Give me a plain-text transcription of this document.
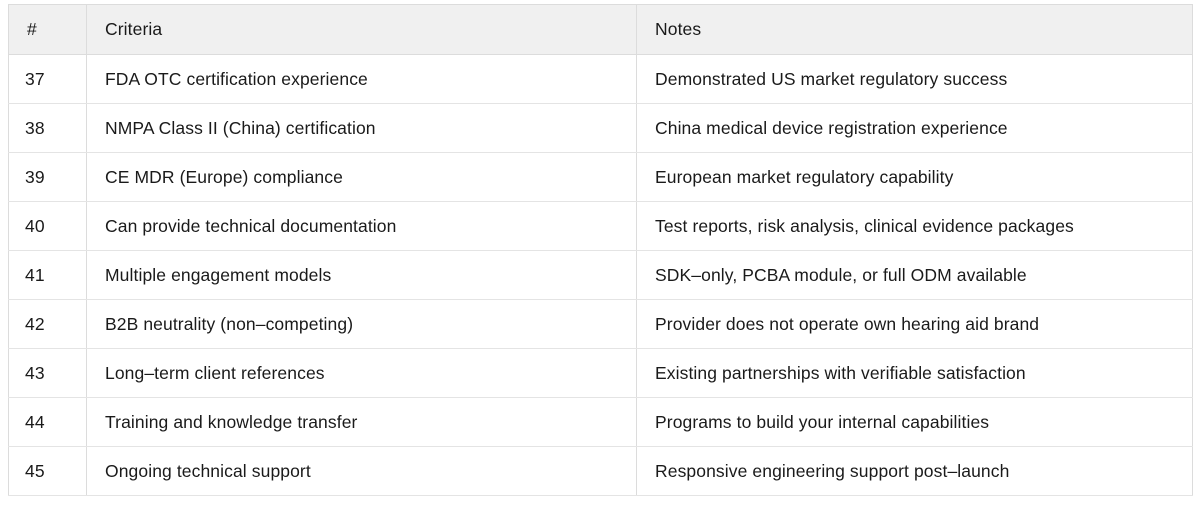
#	Criteria	Notes
37	FDA OTC certification experience	Demonstrated US market regulatory success
38	NMPA Class II (China) certification	China medical device registration experience
39	CE MDR (Europe) compliance	European market regulatory capability
40	Can provide technical documentation	Test reports, risk analysis, clinical evidence packages
41	Multiple engagement models	SDK–only, PCBA module, or full ODM available
42	B2B neutrality (non–competing)	Provider does not operate own hearing aid brand
43	Long–term client references	Existing partnerships with verifiable satisfaction
44	Training and knowledge transfer	Programs to build your internal capabilities
45	Ongoing technical support	Responsive engineering support post–launch
